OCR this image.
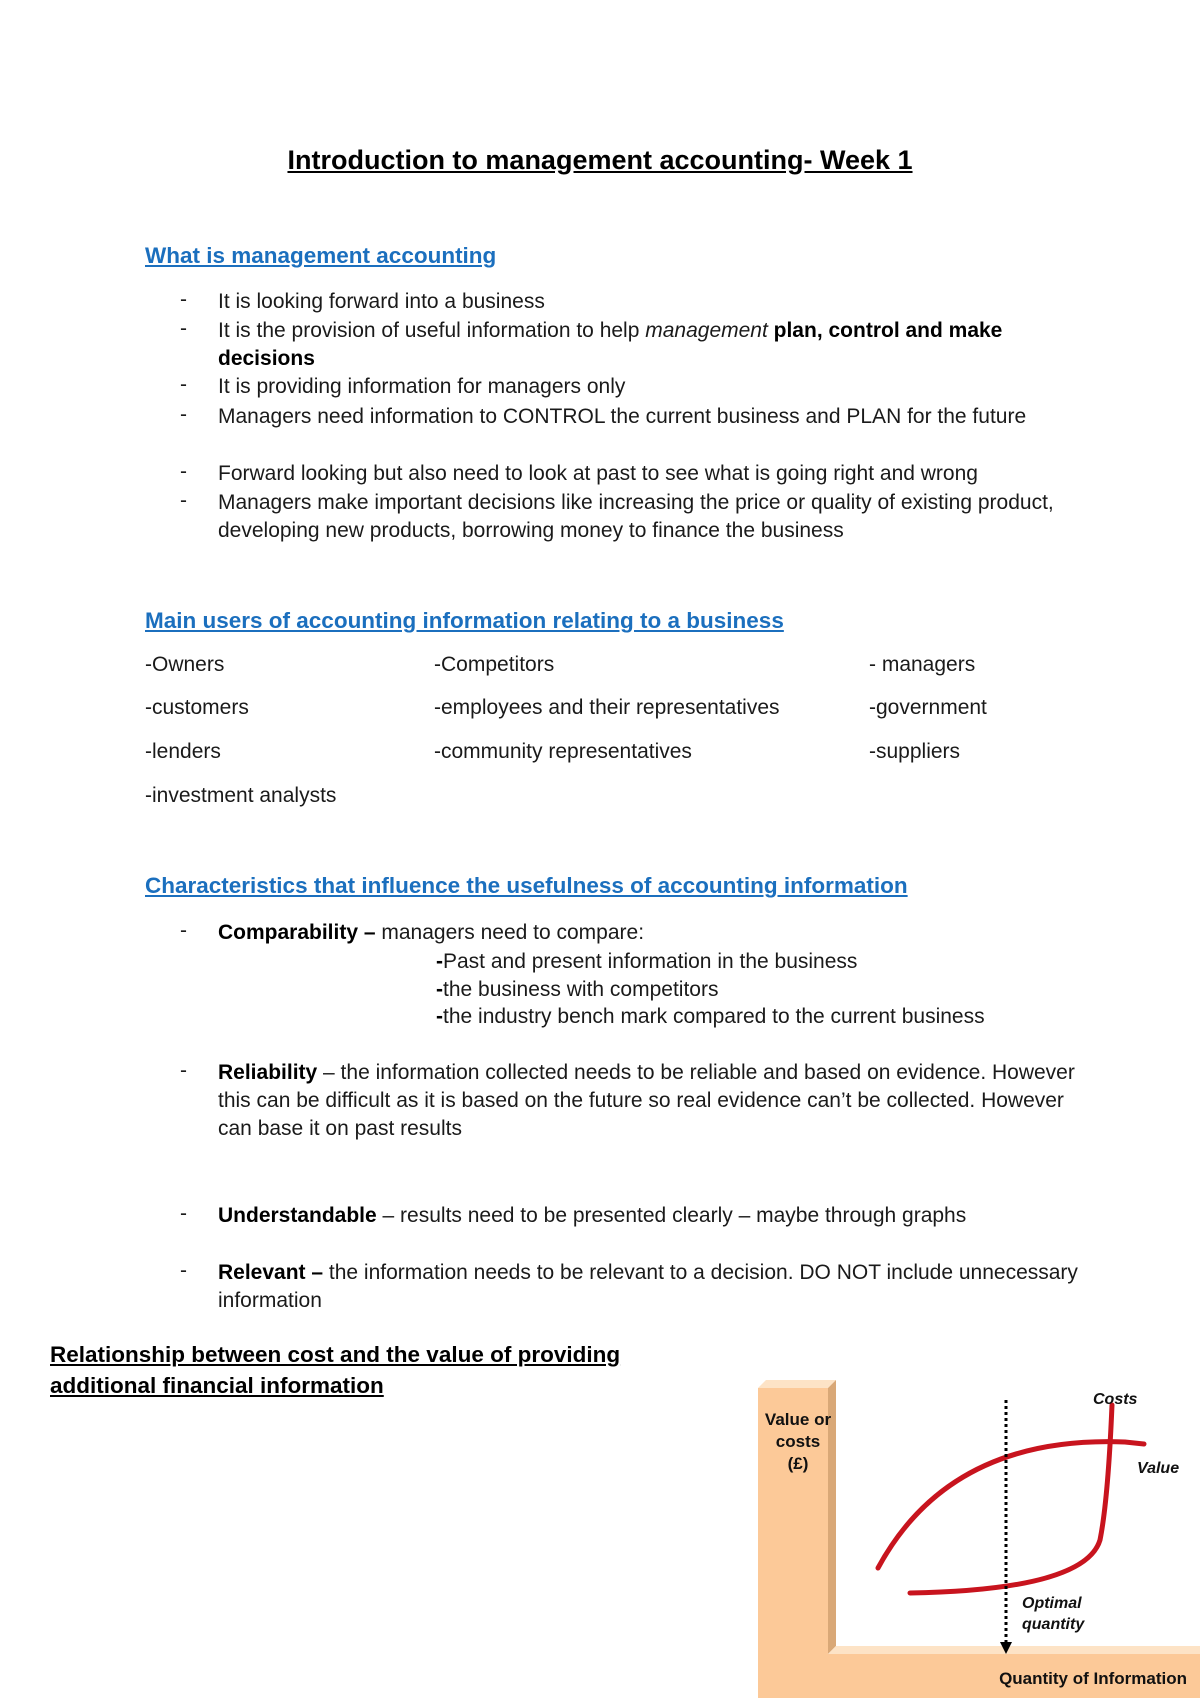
Introduction to management accounting- Week 1
What is management accounting
- It is looking forward into a business
- It is the provision of useful information to help management plan, control and make decisions
- It is providing information for managers only
- Managers need information to CONTROL the current business and PLAN for the future
- Forward looking but also need to look at past to see what is going right and wrong
- Managers make important decisions like increasing the price or quality of existing product, developing new products, borrowing money to finance the business
Main users of accounting information relating to a business
-Owners
-customers
-lenders
-investment analysts
-Competitors
-employees and their representatives
-community representatives
- managers
-government
-suppliers
Characteristics that influence the usefulness of accounting information
- Comparability – managers need to compare:
-Past and present information in the business
-the business with competitors
-the industry bench mark compared to the current business
- Reliability – the information collected needs to be reliable and based on evidence. However this can be difficult as it is based on the future so real evidence can’t be collected. However can base it on past results
- Understandable – results need to be presented clearly – maybe through graphs
- Relevant – the information needs to be relevant to a decision. DO NOT include unnecessary information
Relationship between cost and the value of providing additional financial information
Value or
costs
(£)
Quantity of Information
Costs
Value
Optimal
quantity
